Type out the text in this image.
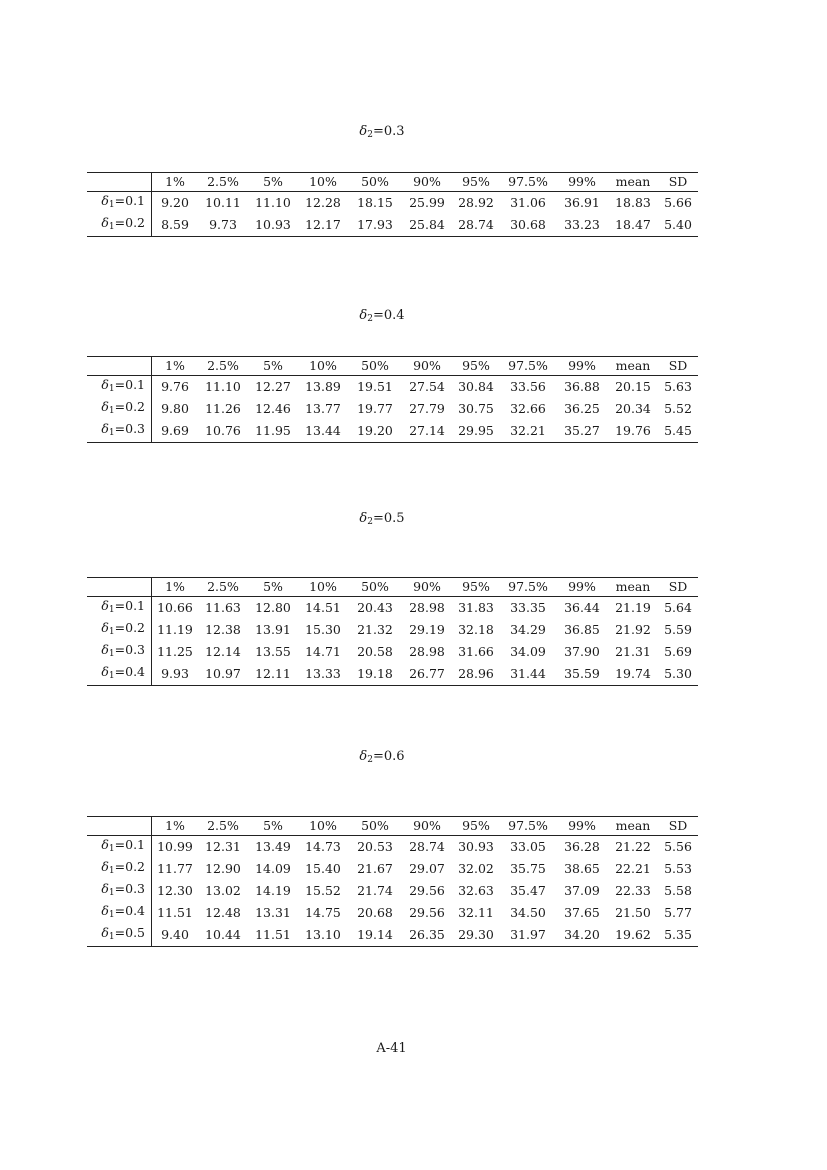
$\delta_2=0.3$
	1%	2.5%	5%	10%	50%	90%	95%	97.5%	99%	mean	SD
δ1=0.1	9.20	10.11	11.10	12.28	18.15	25.99	28.92	31.06	36.91	18.83	5.66
δ1=0.2	8.59	9.73	10.93	12.17	17.93	25.84	28.74	30.68	33.23	18.47	5.40
$\delta_2=0.4$
	1%	2.5%	5%	10%	50%	90%	95%	97.5%	99%	mean	SD
δ1=0.1	9.76	11.10	12.27	13.89	19.51	27.54	30.84	33.56	36.88	20.15	5.63
δ1=0.2	9.80	11.26	12.46	13.77	19.77	27.79	30.75	32.66	36.25	20.34	5.52
δ1=0.3	9.69	10.76	11.95	13.44	19.20	27.14	29.95	32.21	35.27	19.76	5.45
$\delta_2=0.5$
	1%	2.5%	5%	10%	50%	90%	95%	97.5%	99%	mean	SD
δ1=0.1	10.66	11.63	12.80	14.51	20.43	28.98	31.83	33.35	36.44	21.19	5.64
δ1=0.2	11.19	12.38	13.91	15.30	21.32	29.19	32.18	34.29	36.85	21.92	5.59
δ1=0.3	11.25	12.14	13.55	14.71	20.58	28.98	31.66	34.09	37.90	21.31	5.69
δ1=0.4	9.93	10.97	12.11	13.33	19.18	26.77	28.96	31.44	35.59	19.74	5.30
$\delta_2=0.6$
	1%	2.5%	5%	10%	50%	90%	95%	97.5%	99%	mean	SD
δ1=0.1	10.99	12.31	13.49	14.73	20.53	28.74	30.93	33.05	36.28	21.22	5.56
δ1=0.2	11.77	12.90	14.09	15.40	21.67	29.07	32.02	35.75	38.65	22.21	5.53
δ1=0.3	12.30	13.02	14.19	15.52	21.74	29.56	32.63	35.47	37.09	22.33	5.58
δ1=0.4	11.51	12.48	13.31	14.75	20.68	29.56	32.11	34.50	37.65	21.50	5.77
δ1=0.5	9.40	10.44	11.51	13.10	19.14	26.35	29.30	31.97	34.20	19.62	5.35
A-41
